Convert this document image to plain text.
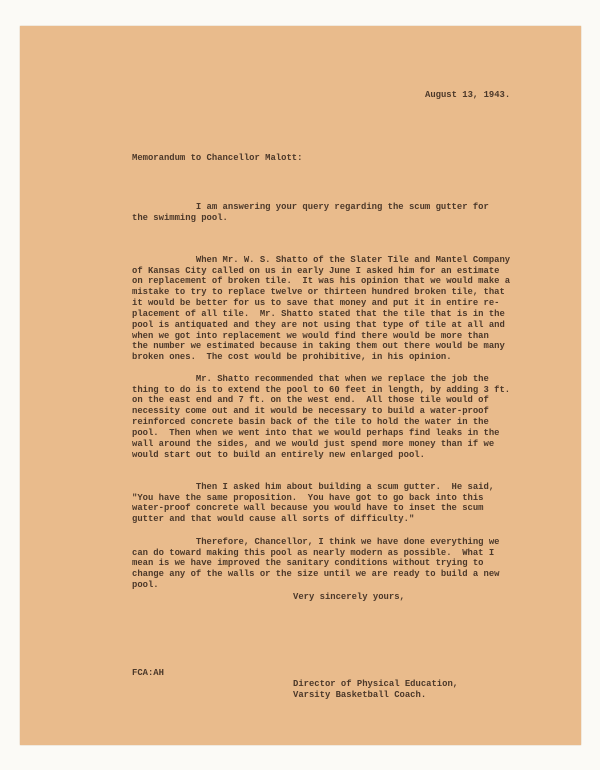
August 13, 1943.
Memorandum to Chancellor Malott:

I am answering your query regarding the scum gutter for
the swimming pool.

When Mr. W. S. Shatto of the Slater Tile and Mantel Company
of Kansas City called on us in early June I asked him for an estimate
on replacement of broken tile.  It was his opinion that we would make a
mistake to try to replace twelve or thirteen hundred broken tile, that
it would be better for us to save that money and put it in entire re-
placement of all tile.  Mr. Shatto stated that the tile that is in the
pool is antiquated and they are not using that type of tile at all and
when we got into replacement we would find there would be more than
the number we estimated because in taking them out there would be many
broken ones.  The cost would be prohibitive, in his opinion.

Mr. Shatto recommended that when we replace the job the
thing to do is to extend the pool to 60 feet in length, by adding 3 ft.
on the east end and 7 ft. on the west end.  All those tile would of
necessity come out and it would be necessary to build a water-proof
reinforced concrete basin back of the tile to hold the water in the
pool.  Then when we went into that we would perhaps find leaks in the
wall around the sides, and we would just spend more money than if we
would start out to build an entirely new enlarged pool.

Then I asked him about building a scum gutter.  He said,
"You have the same proposition.  You have got to go back into this
water-proof concrete wall because you would have to inset the scum
gutter and that would cause all sorts of difficulty."

Therefore, Chancellor, I think we have done everything we
can do toward making this pool as nearly modern as possible.  What I
mean is we have improved the sanitary conditions without trying to
change any of the walls or the size until we are ready to build a new
pool.

Very sincerely yours,

Director of Physical Education,
Varsity Basketball Coach.

FCA:AH
